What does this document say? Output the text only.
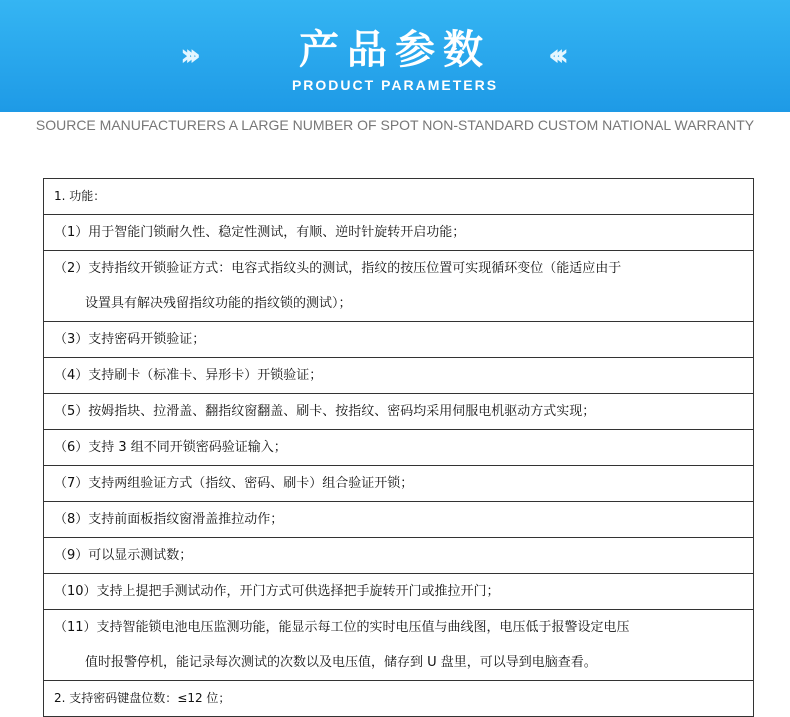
›››	产品参数	‹‹‹
PRODUCT PARAMETERS
SOURCE MANUFACTURERS A LARGE NUMBER OF SPOT NON-STANDARD CUSTOM NATIONAL WARRANTY
1. 功能：
（1）用于智能门锁耐久性、稳定性测试，有顺、逆时针旋转开启功能；
（2）支持指纹开锁验证方式：电容式指纹头的测试，指纹的按压位置可实现循环变位（能适应由于
设置具有解决残留指纹功能的指纹锁的测试）；
（3）支持密码开锁验证；
（4）支持刷卡（标准卡、异形卡）开锁验证；
（5）按姆指块、拉滑盖、翻指纹窗翻盖、刷卡、按指纹、密码均采用伺服电机驱动方式实现；
（6）支持 3 组不同开锁密码验证输入；
（7）支持两组验证方式（指纹、密码、刷卡）组合验证开锁；
（8）支持前面板指纹窗滑盖推拉动作；
（9）可以显示测试数；
（10）支持上提把手测试动作，开门方式可供选择把手旋转开门或推拉开门；
（11）支持智能锁电池电压监测功能，能显示每工位的实时电压值与曲线图，电压低于报警设定电压
值时报警停机，能记录每次测试的次数以及电压值，储存到 U 盘里，可以导到电脑查看。
2. 支持密码键盘位数：≤12 位；
